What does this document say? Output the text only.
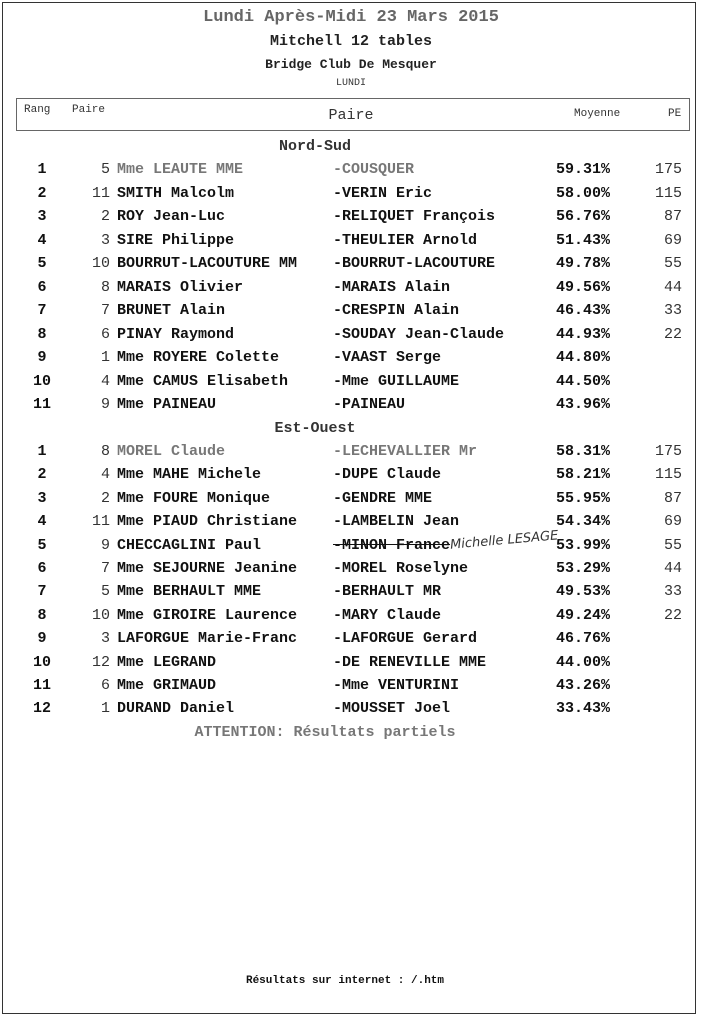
Lundi Après-Midi 23 Mars 2015
Mitchell 12 tables
Bridge Club De Mesquer
LUNDI
Rang Paire	Paire	Moyenne	PE
Nord-Sud
1	5 Mme LEAUTE MME	-COUSQUER	59.31%	175
2	11 SMITH Malcolm	-VERIN Eric	58.00%	115
3	2 ROY Jean-Luc	-RELIQUET François	56.76%	87
4	3 SIRE Philippe	-THEULIER Arnold	51.43%	69
5	10 BOURRUT-LACOUTURE MM -BOURRUT-LACOUTURE	49.78%	55
6	8 MARAIS Olivier	-MARAIS Alain	49.56%	44
7	7 BRUNET Alain	-CRESPIN Alain	46.43%	33
8	6 PINAY Raymond	-SOUDAY Jean-Claude	44.93%	22
9	1 Mme ROYERE Colette	-VAAST Serge	44.80%
10	4 Mme CAMUS Elisabeth	-Mme GUILLAUME	44.50%
11	9 Mme PAINEAU	-PAINEAU	43.96%
Est-Ouest
1	8 MOREL Claude	-LECHEVALLIER Mr	58.31%	175
2	4 Mme MAHE Michele	-DUPE Claude	58.21%	115
3	2 Mme FOURE Monique	-GENDRE MME	55.95%	87
4	11 Mme PIAUD Christiane -LAMBELIN Jean	54.34%	69
5	9 CHECCAGLINI Paul	-MINON France	53.99%	55
6	7 Mme SEJOURNE Jeanine -MOREL Roselyne	53.29%	44
7	5 Mme BERHAULT MME	-BERHAULT MR	49.53%	33
8	10 Mme GIROIRE Laurence -MARY Claude	49.24%	22
9	3 LAFORGUE Marie-Franc -LAFORGUE Gerard	46.76%
10	12 Mme LEGRAND	-DE RENEVILLE MME	44.00%
11	6 Mme GRIMAUD	-Mme VENTURINI	43.26%
12	1 DURAND Daniel	-MOUSSET Joel	33.43%
Michelle LESAGE
ATTENTION: Résultats partiels
Résultats sur internet : /.htm
